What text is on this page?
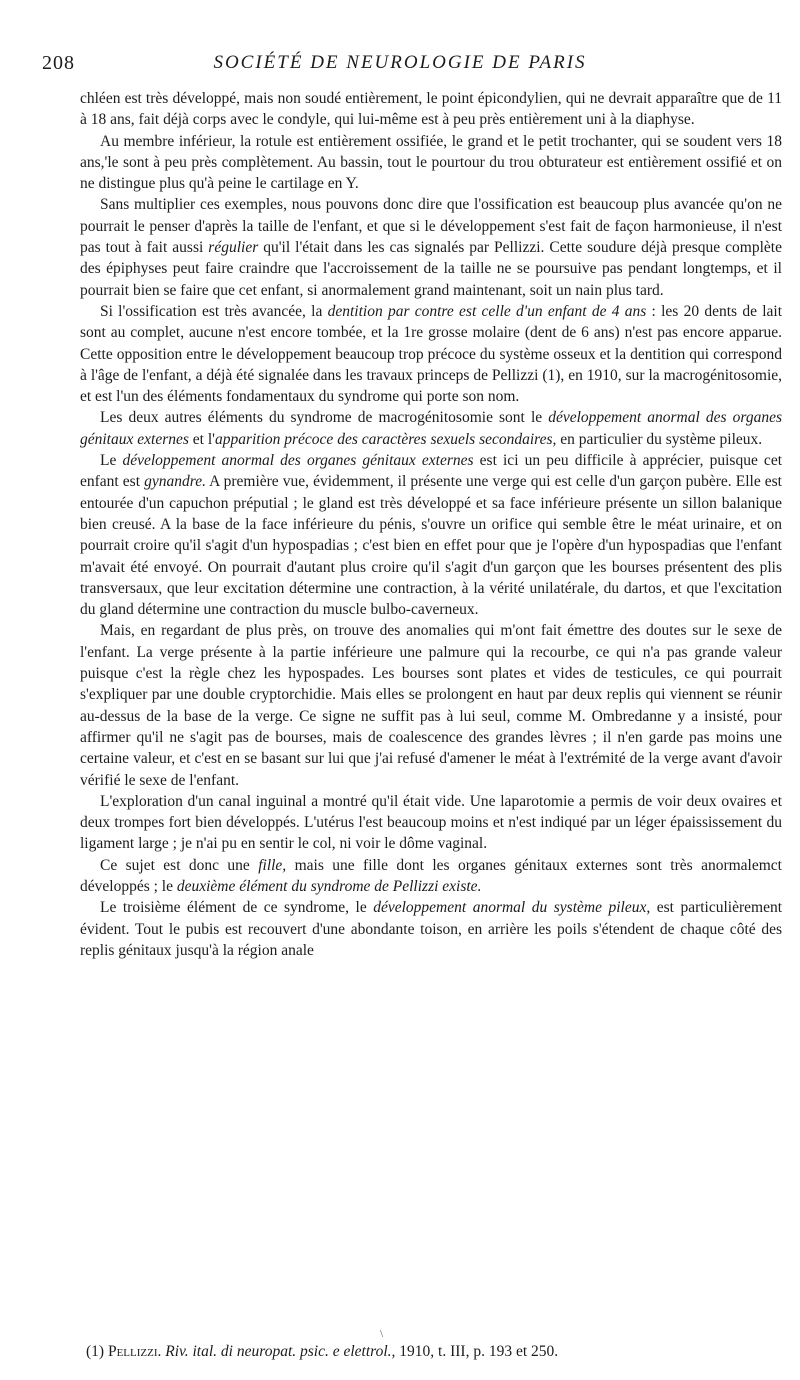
208	SOCIÉTÉ DE NEUROLOGIE DE PARIS

chléen est très développé, mais non soudé entièrement, le point épicondylien, qui ne devrait apparaître que de 11 à 18 ans, fait déjà corps avec le condyle, qui lui-même est à peu près entièrement uni à la diaphyse.

Au membre inférieur, la rotule est entièrement ossifiée, le grand et le petit trochanter, qui se soudent vers 18 ans,'le sont à peu près complètement. Au bassin, tout le pourtour du trou obturateur est entièrement ossifié et on ne distingue plus qu'à peine le cartilage en Y.

Sans multiplier ces exemples, nous pouvons donc dire que l'ossification est beaucoup plus avancée qu'on ne pourrait le penser d'après la taille de l'enfant, et que si le développement s'est fait de façon harmonieuse, il n'est pas tout à fait aussi régulier qu'il l'était dans les cas signalés par Pellizzi. Cette soudure déjà presque complète des épiphyses peut faire craindre que l'accroissement de la taille ne se poursuive pas pendant longtemps, et il pourrait bien se faire que cet enfant, si anormalement grand maintenant, soit un nain plus tard.

Si l'ossification est très avancée, la dentition par contre est celle d'un enfant de 4 ans : les 20 dents de lait sont au complet, aucune n'est encore tombée, et la 1re grosse molaire (dent de 6 ans) n'est pas encore apparue. Cette opposition entre le développement beaucoup trop précoce du système osseux et la dentition qui correspond à l'âge de l'enfant, a déjà été signalée dans les travaux princeps de Pellizzi (1), en 1910, sur la macrogénitosomie, et est l'un des éléments fondamentaux du syndrome qui porte son nom.

Les deux autres éléments du syndrome de macrogénitosomie sont le développement anormal des organes génitaux externes et l'apparition précoce des caractères sexuels secondaires, en particulier du système pileux.

Le développement anormal des organes génitaux externes est ici un peu difficile à apprécier, puisque cet enfant est gynandre. A première vue, évidemment, il présente une verge qui est celle d'un garçon pubère. Elle est entourée d'un capuchon préputial ; le gland est très développé et sa face inférieure présente un sillon balanique bien creusé. A la base de la face inférieure du pénis, s'ouvre un orifice qui semble être le méat urinaire, et on pourrait croire qu'il s'agit d'un hypospadias ; c'est bien en effet pour que je l'opère d'un hypospadias que l'enfant m'avait été envoyé. On pourrait d'autant plus croire qu'il s'agit d'un garçon que les bourses présentent des plis transversaux, que leur excitation détermine une contraction, à la vérité unilatérale, du dartos, et que l'excitation du gland détermine une contraction du muscle bulbo-caverneux.

Mais, en regardant de plus près, on trouve des anomalies qui m'ont fait émettre des doutes sur le sexe de l'enfant. La verge présente à la partie inférieure une palmure qui la recourbe, ce qui n'a pas grande valeur puisque c'est la règle chez les hypospades. Les bourses sont plates et vides de testicules, ce qui pourrait s'expliquer par une double cryptorchidie. Mais elles se prolongent en haut par deux replis qui viennent se réunir au-dessus de la base de la verge. Ce signe ne suffit pas à lui seul, comme M. Ombredanne y a insisté, pour affirmer qu'il ne s'agit pas de bourses, mais de coalescence des grandes lèvres ; il n'en garde pas moins une certaine valeur, et c'est en se basant sur lui que j'ai refusé d'amener le méat à l'extrémité de la verge avant d'avoir vérifié le sexe de l'enfant.

L'exploration d'un canal inguinal a montré qu'il était vide. Une laparotomie a permis de voir deux ovaires et deux trompes fort bien développés. L'utérus l'est beaucoup moins et n'est indiqué par un léger épaississement du ligament large ; je n'ai pu en sentir le col, ni voir le dôme vaginal.

Ce sujet est donc une fille, mais une fille dont les organes génitaux externes sont très anormalemct développés ; le deuxième élément du syndrome de Pellizzi existe.

Le troisième élément de ce syndrome, le développement anormal du système pileux, est particulièrement évident. Tout le pubis est recouvert d'une abondante toison, en arrière les poils s'étendent de chaque côté des replis génitaux jusqu'à la région anale

\
(1) Pellizzi. Riv. ital. di neuropat. psic. e elettrol., 1910, t. III, p. 193 et 250.
